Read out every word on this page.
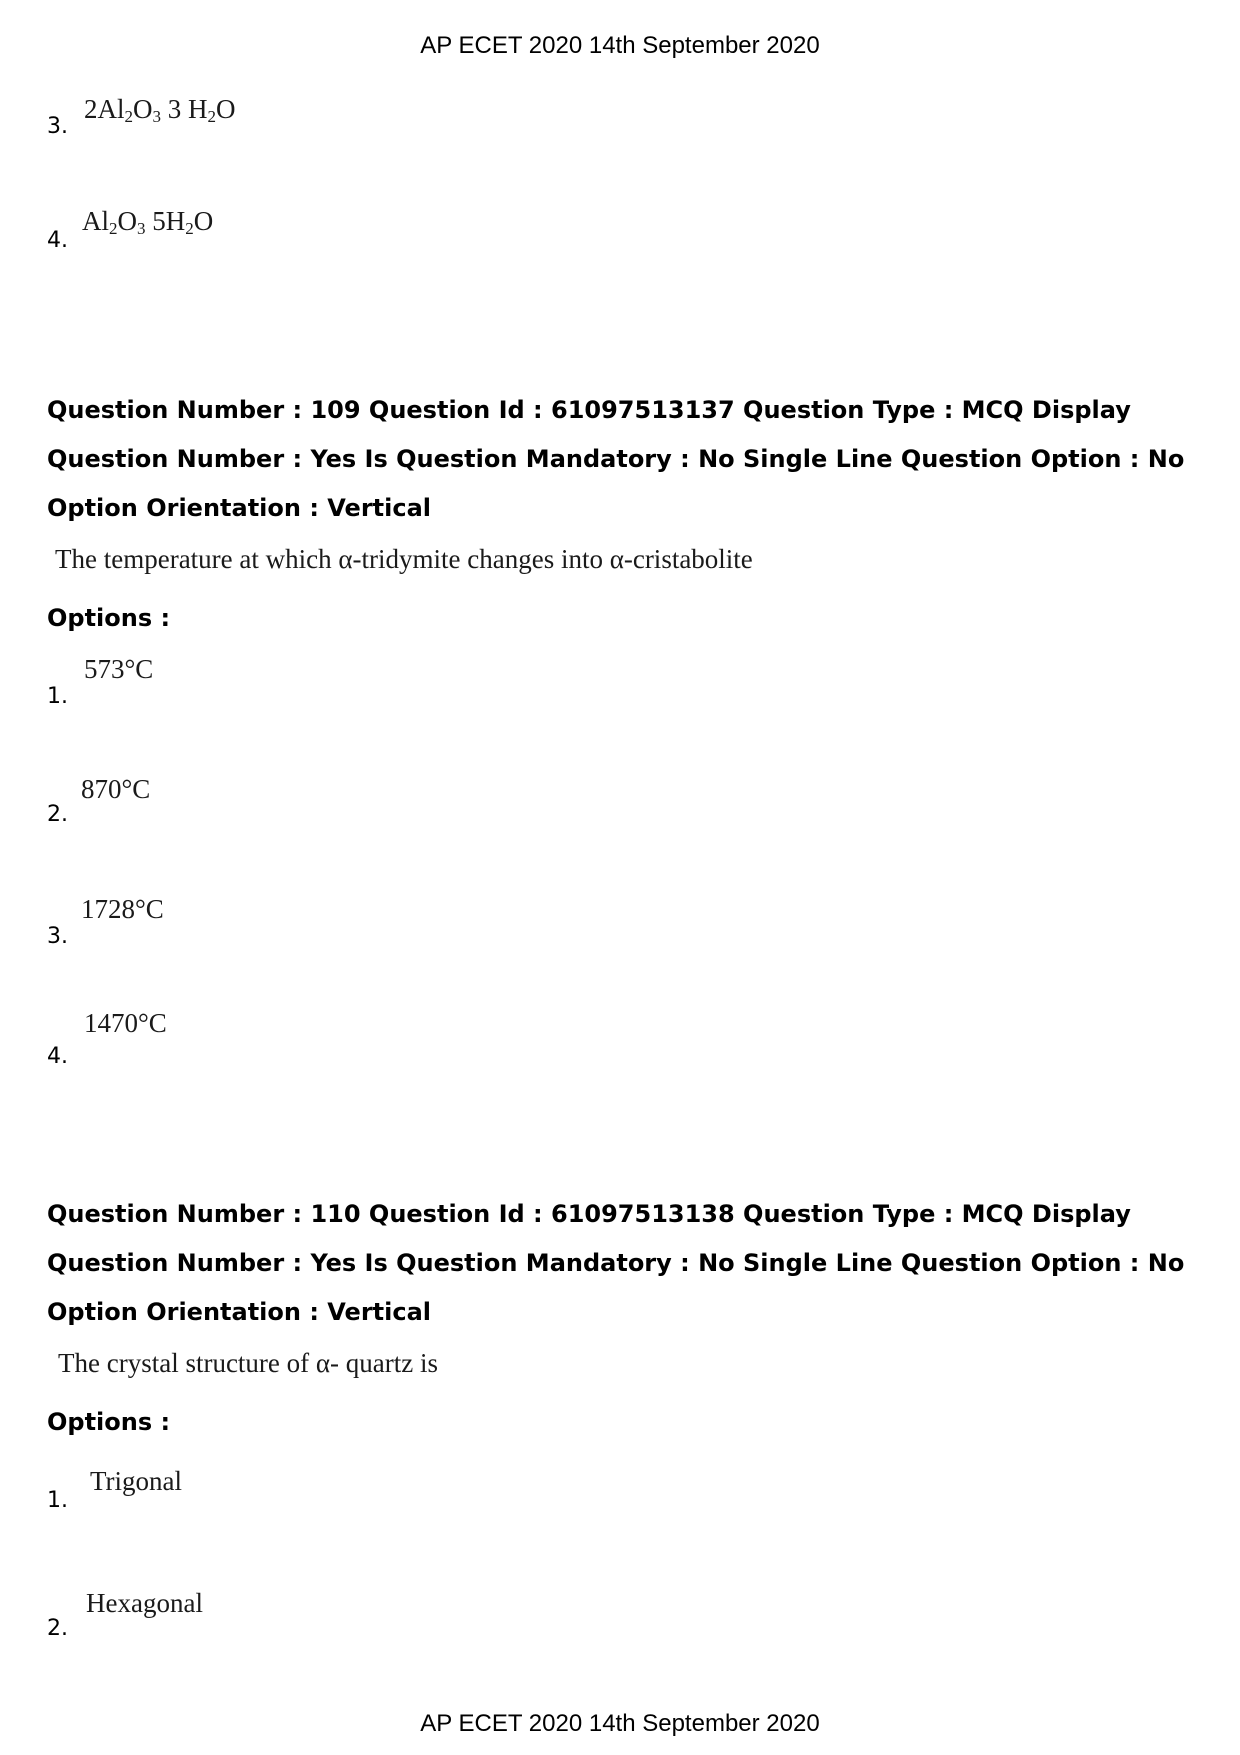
AP ECET 2020 14th September 2020
3.
$2Al_2O_3$ 3 $H_2O$
4.
$Al_2O_3$ $5H_2O$
Question Number : 109 Question Id : 61097513137 Question Type : MCQ Display Question Number : Yes Is Question Mandatory : No Single Line Question Option : No Option Orientation : Vertical
The temperature at which α-tridymite changes into α-cristabolite
Options :
1.
573°C
2.
870°C
3.
1728°C
4.
1470°C
Question Number : 110 Question Id : 61097513138 Question Type : MCQ Display Question Number : Yes Is Question Mandatory : No Single Line Question Option : No Option Orientation : Vertical
The crystal structure of α- quartz is
Options :
1.
Trigonal
2.
Hexagonal
AP ECET 2020 14th September 2020
